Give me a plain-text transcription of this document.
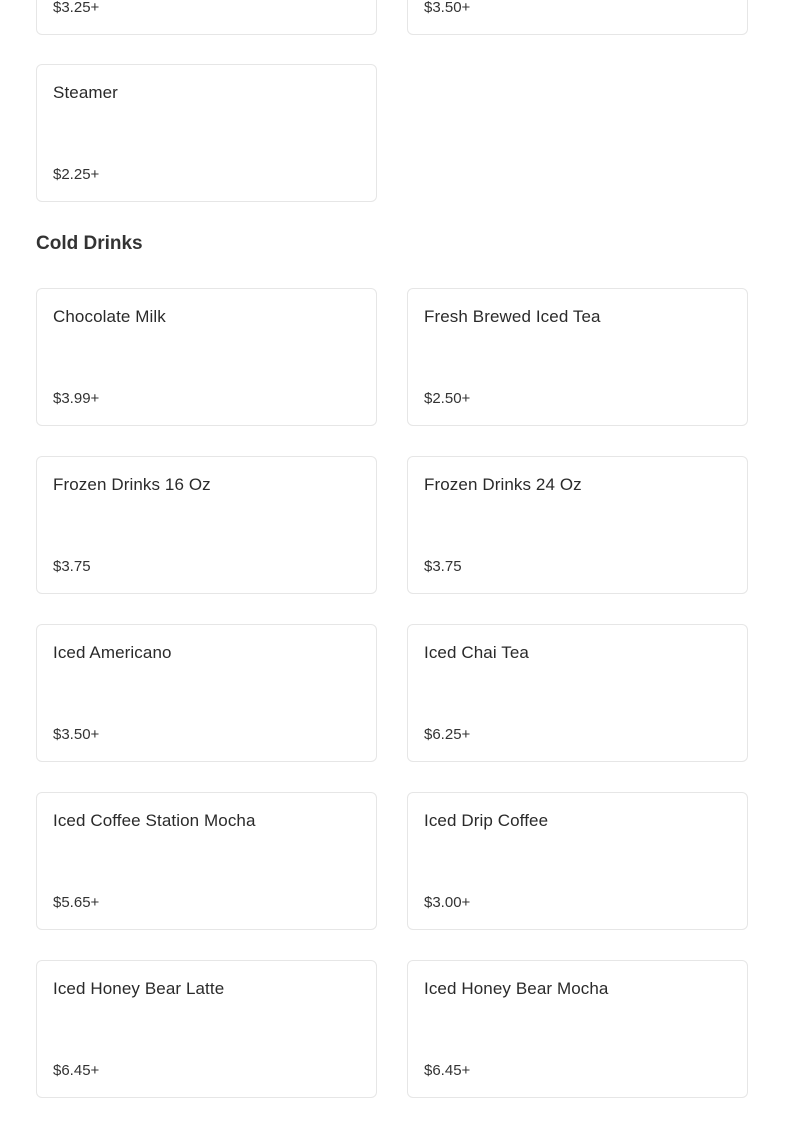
$3.25+	$3.50+
Steamer
$2.25+
Cold Drinks
Chocolate Milk
$3.99+
Fresh Brewed Iced Tea
$2.50+
Frozen Drinks 16 Oz
$3.75
Frozen Drinks 24 Oz
$3.75
Iced Americano
$3.50+
Iced Chai Tea
$6.25+
Iced Coffee Station Mocha
$5.65+
Iced Drip Coffee
$3.00+
Iced Honey Bear Latte
$6.45+
Iced Honey Bear Mocha
$6.45+
